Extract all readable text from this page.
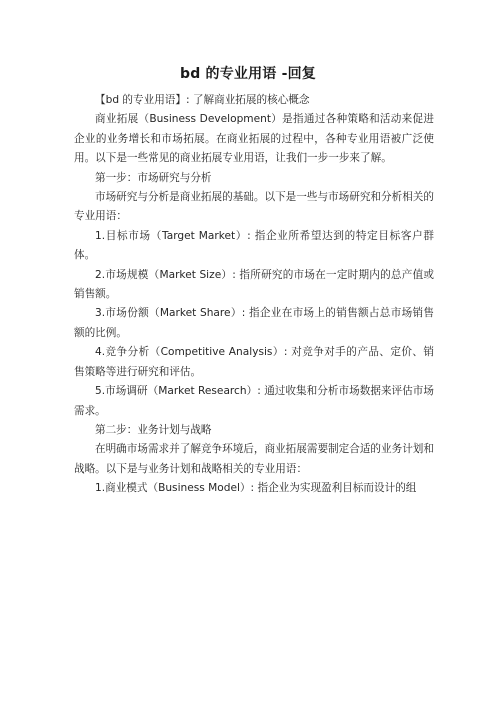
bd 的专业用语 -回复

【bd 的专业用语】: 了解商业拓展的核心概念

商业拓展（Business Development）是指通过各种策略和活动来促进企业的业务增长和市场拓展。在商业拓展的过程中，各种专业用语被广泛使用。以下是一些常见的商业拓展专业用语，让我们一步一步来了解。

第一步：市场研究与分析

市场研究与分析是商业拓展的基础。以下是一些与市场研究和分析相关的专业用语：

1.目标市场（Target Market）: 指企业所希望达到的特定目标客户群体。

2.市场规模（Market Size）: 指所研究的市场在一定时期内的总产值或销售额。

3.市场份额（Market Share）: 指企业在市场上的销售额占总市场销售额的比例。

4.竞争分析（Competitive Analysis）: 对竞争对手的产品、定价、销售策略等进行研究和评估。

5.市场调研（Market Research）: 通过收集和分析市场数据来评估市场需求。

第二步：业务计划与战略

在明确市场需求并了解竞争环境后，商业拓展需要制定合适的业务计划和战略。以下是与业务计划和战略相关的专业用语：

1.商业模式（Business Model）: 指企业为实现盈利目标而设计的组
